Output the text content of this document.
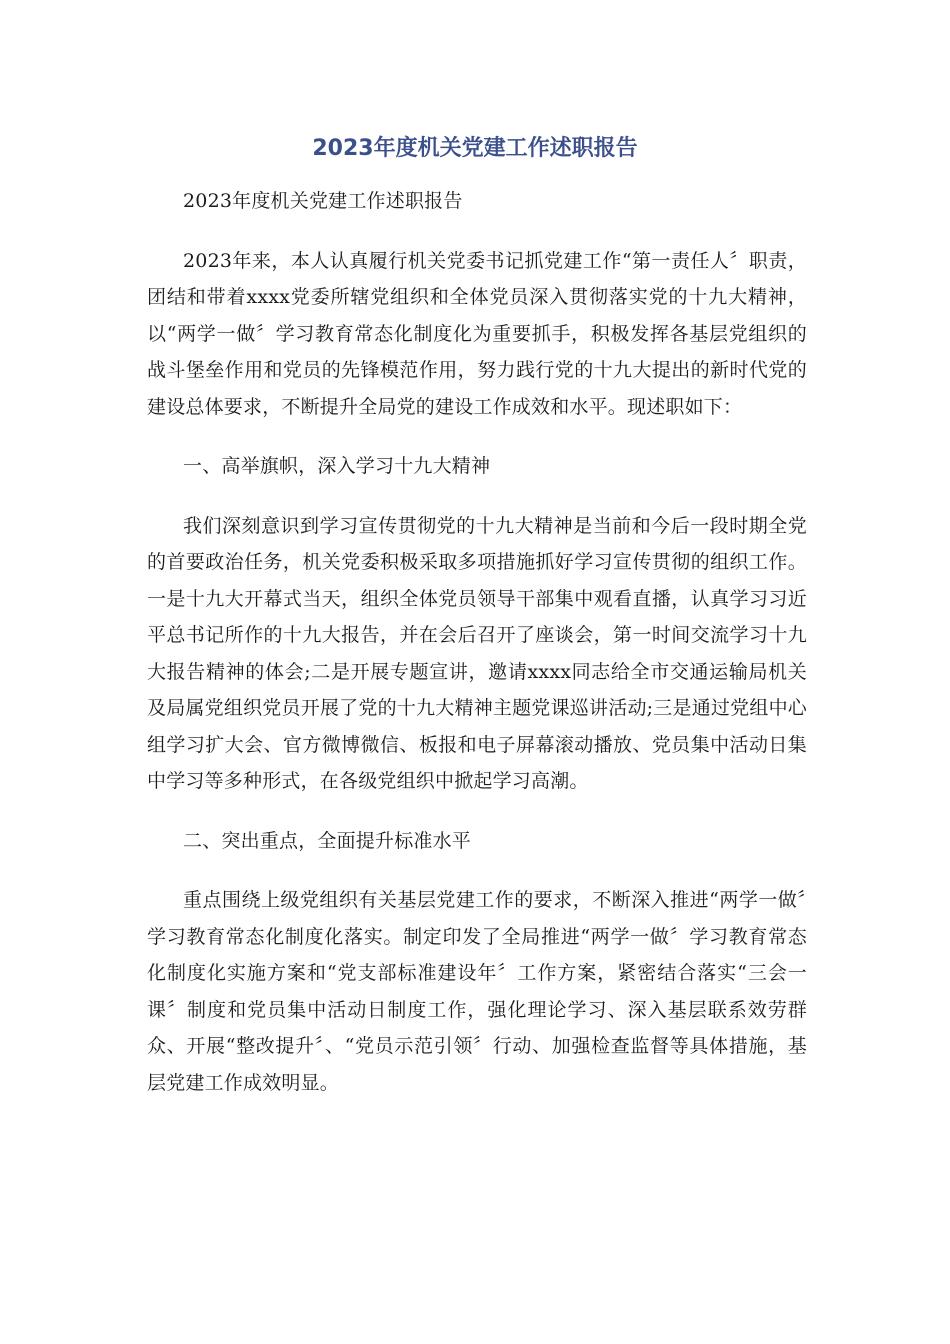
2023年度机关党建工作述职报告

2023年度机关党建工作述职报告

2023年来，本人认真履行机关党委书记抓党建工作“第一责任人〞职责，团结和带着xxxx党委所辖党组织和全体党员深入贯彻落实党的十九大精神，以“两学一做〞学习教育常态化制度化为重要抓手，积极发挥各基层党组织的战斗堡垒作用和党员的先锋模范作用，努力践行党的十九大提出的新时代党的建设总体要求，不断提升全局党的建设工作成效和水平。现述职如下：

一、高举旗帜，深入学习十九大精神

我们深刻意识到学习宣传贯彻党的十九大精神是当前和今后一段时期全党的首要政治任务，机关党委积极采取多项措施抓好学习宣传贯彻的组织工作。一是十九大开幕式当天，组织全体党员领导干部集中观看直播，认真学习习近平总书记所作的十九大报告，并在会后召开了座谈会，第一时间交流学习十九大报告精神的体会;二是开展专题宣讲，邀请xxxx同志给全市交通运输局机关及局属党组织党员开展了党的十九大精神主题党课巡讲活动;三是通过党组中心组学习扩大会、官方微博微信、板报和电子屏幕滚动播放、党员集中活动日集中学习等多种形式，在各级党组织中掀起学习高潮。

二、突出重点，全面提升标准水平

重点围绕上级党组织有关基层党建工作的要求，不断深入推进“两学一做〞学习教育常态化制度化落实。制定印发了全局推进“两学一做〞学习教育常态化制度化实施方案和“党支部标准建设年〞工作方案，紧密结合落实“三会一课〞制度和党员集中活动日制度工作，强化理论学习、深入基层联系效劳群众、开展“整改提升〞、“党员示范引领〞行动、加强检查监督等具体措施，基层党建工作成效明显。
